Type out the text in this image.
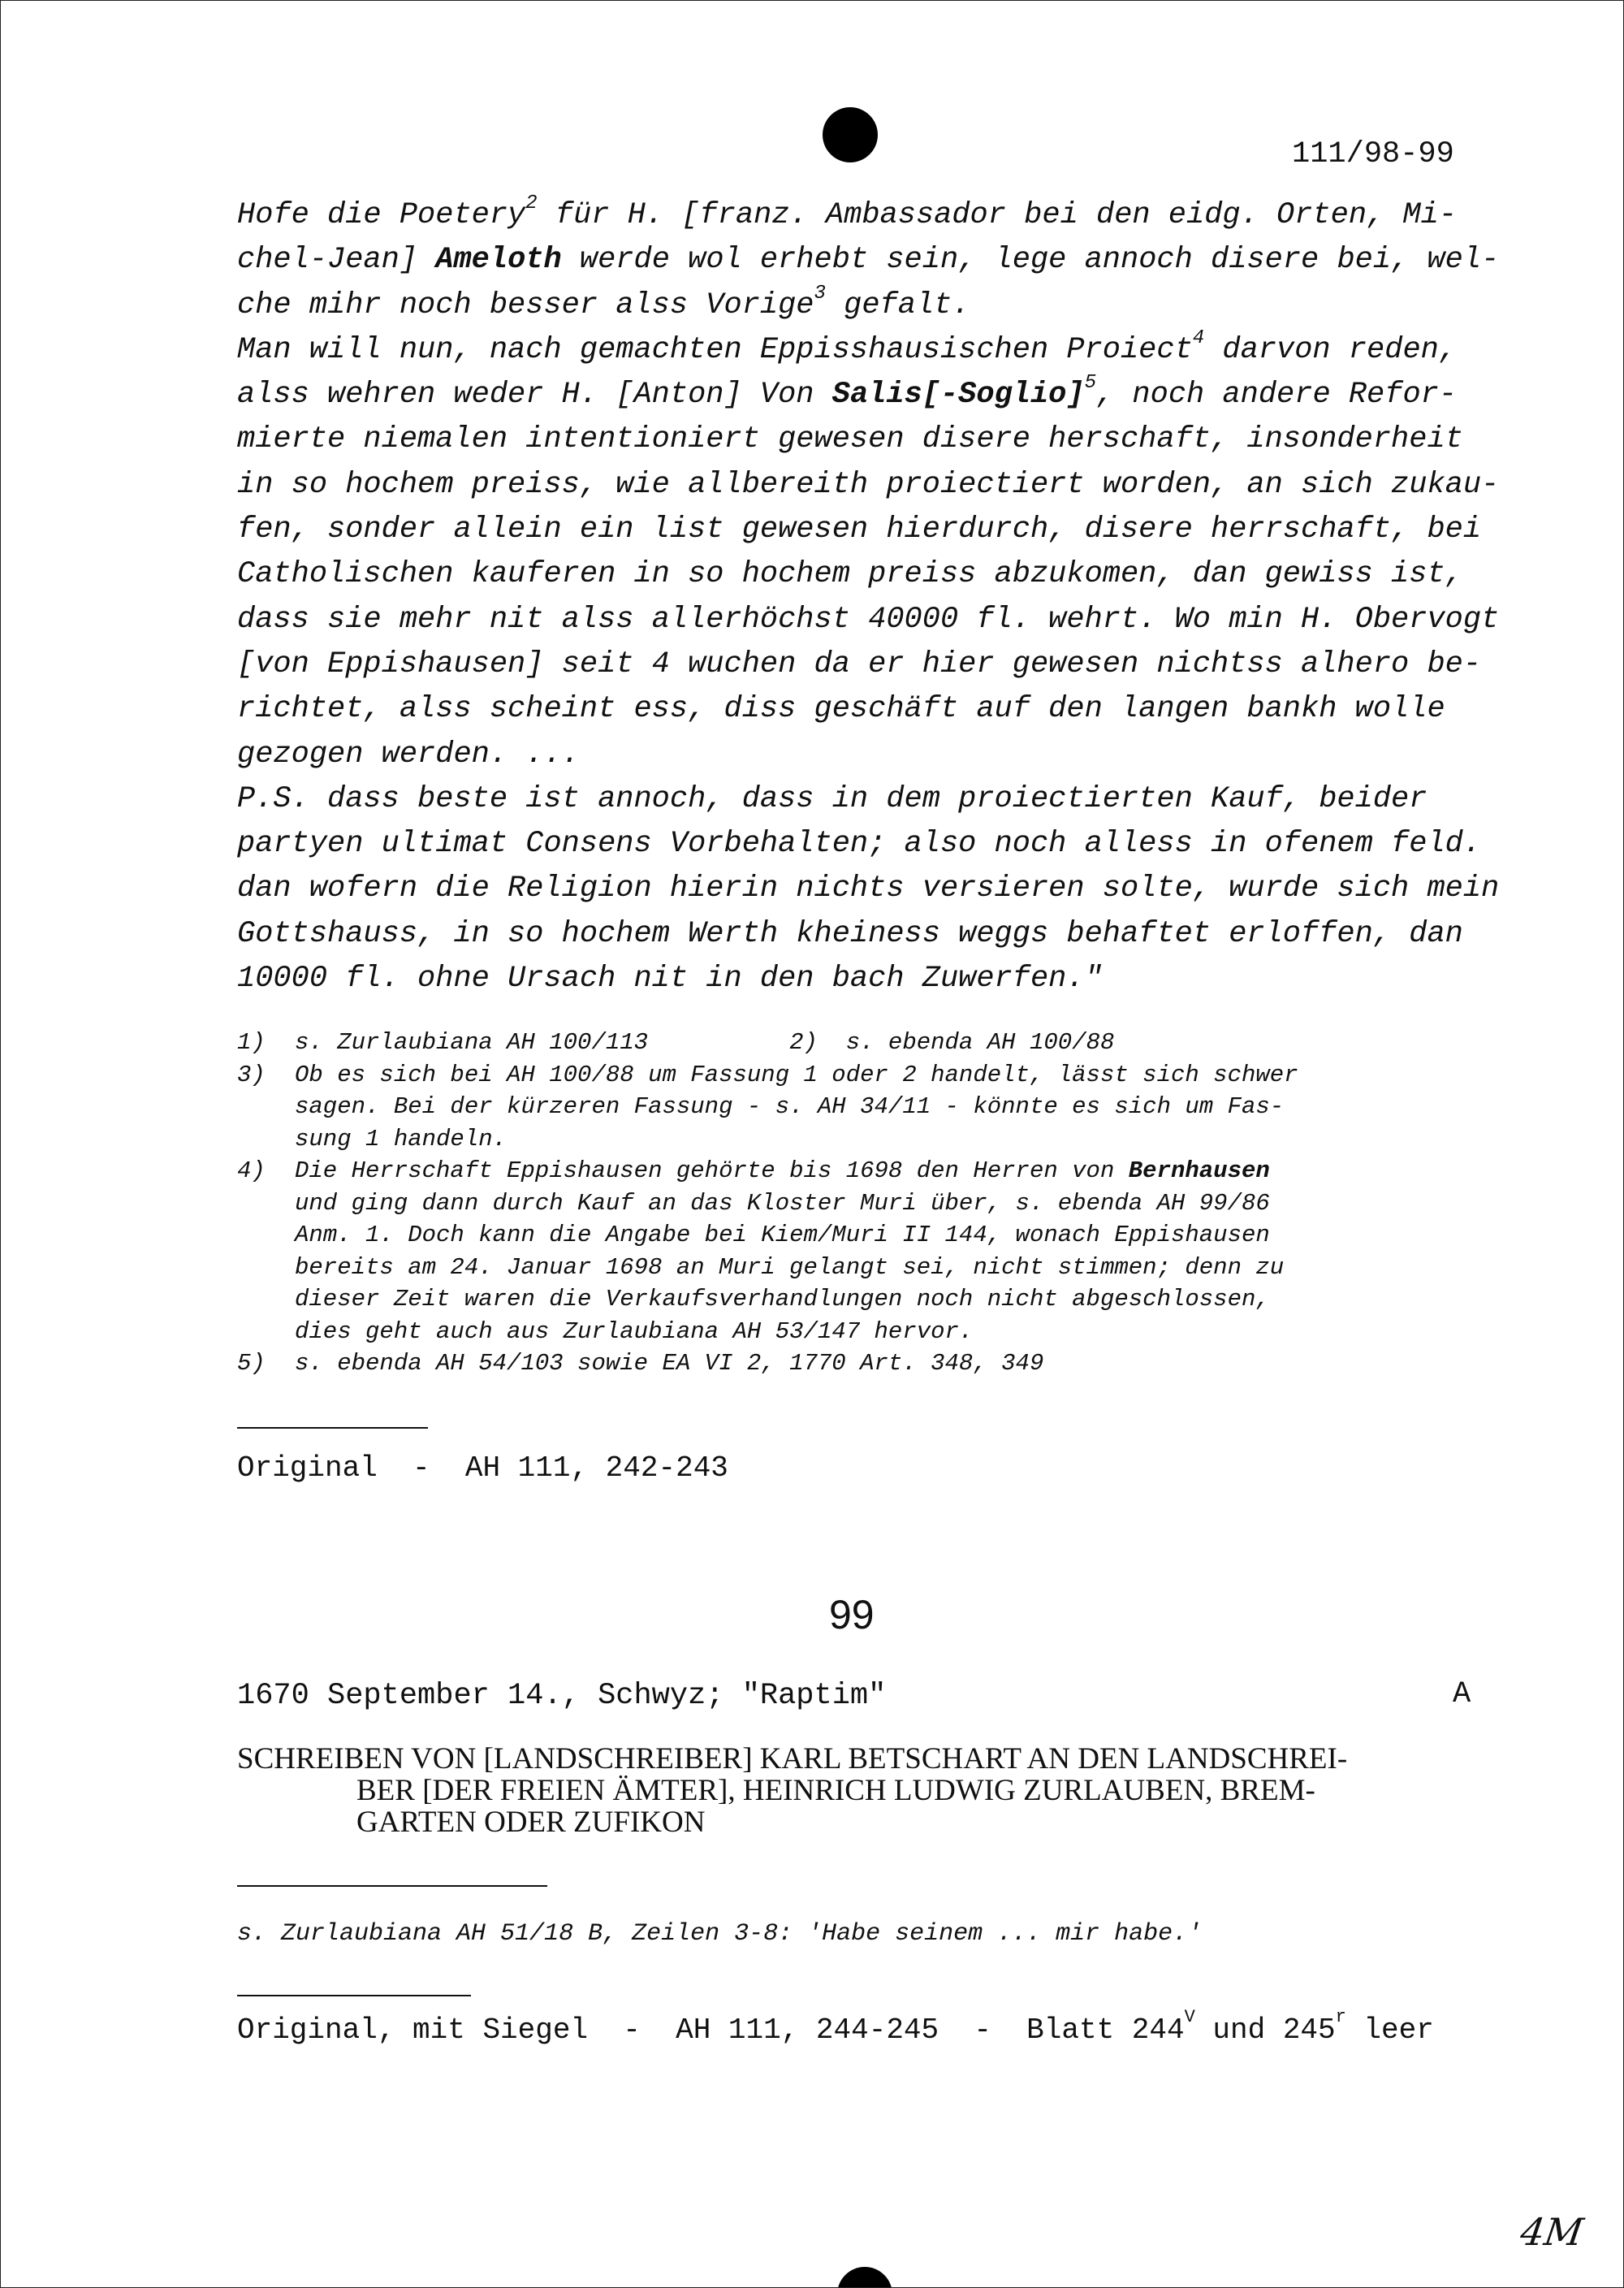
111/98-99
Hofe die Poetery$^2$ für H. [franz. Ambassador bei den eidg. Orten, Mi-
chel-Jean] Ameloth werde wol erhebt sein, lege annoch disere bei, wel-
che mihr noch besser alss Vorige$^3$ gefalt.
Man will nun, nach gemachten Eppisshausischen Proiect$^4$ darvon reden,
alss wehren weder H. [Anton] Von Salis[-Soglio]$^5$, noch andere Refor-
mierte niemalen intentioniert gewesen disere herschaft, insonderheit
in so hochem preiss, wie allbereith proiectiert worden, an sich zukau-
fen, sonder allein ein list gewesen hierdurch, disere herrschaft, bei
Catholischen kauferen in so hochem preiss abzukomen, dan gewiss ist,
dass sie mehr nit alss allerhöchst 40000 fl. wehrt. Wo min H. Obervogt
[von Eppishausen] seit 4 wuchen da er hier gewesen nichtss alhero be-
richtet, alss scheint ess, diss geschäft auf den langen bankh wolle
gezogen werden. ...
P.S. dass beste ist annoch, dass in dem proiectierten Kauf, beider
partyen ultimat Consens Vorbehalten; also noch alless in ofenem feld.
dan wofern die Religion hierin nichts versieren solte, wurde sich mein
Gottshauss, in so hochem Werth kheiness weggs behaftet erloffen, dan
10000 fl. ohne Ursach nit in den bach Zuwerfen."
1) s. Zurlaubiana AH 100/113          2)  s. ebenda AH 100/88
3) Ob es sich bei AH 100/88 um Fassung 1 oder 2 handelt, lässt sich schwer
sagen. Bei der kürzeren Fassung - s. AH 34/11 - könnte es sich um Fas-
sung 1 handeln.
4) Die Herrschaft Eppishausen gehörte bis 1698 den Herren von Bernhausen
und ging dann durch Kauf an das Kloster Muri über, s. ebenda AH 99/86
Anm. 1. Doch kann die Angabe bei Kiem/Muri II 144, wonach Eppishausen
bereits am 24. Januar 1698 an Muri gelangt sei, nicht stimmen; denn zu
dieser Zeit waren die Verkaufsverhandlungen noch nicht abgeschlossen,
dies geht auch aus Zurlaubiana AH 53/147 hervor.
5) s. ebenda AH 54/103 sowie EA VI 2, 1770 Art. 348, 349
Original  -  AH 111, 242-243
99
1670 September 14., Schwyz; "Raptim"	A
SCHREIBEN VON [LANDSCHREIBER] KARL BETSCHART AN DEN LANDSCHREI-
BER [DER FREIEN ÄMTER], HEINRICH LUDWIG ZURLAUBEN, BREM-
GARTEN ODER ZUFIKON
s. Zurlaubiana AH 51/18 B, Zeilen 3-8: 'Habe seinem ... mir habe.'
Original, mit Siegel  -  AH 111, 244-245  -  Blatt $244^V$ und 245$^r$ leer
4M
